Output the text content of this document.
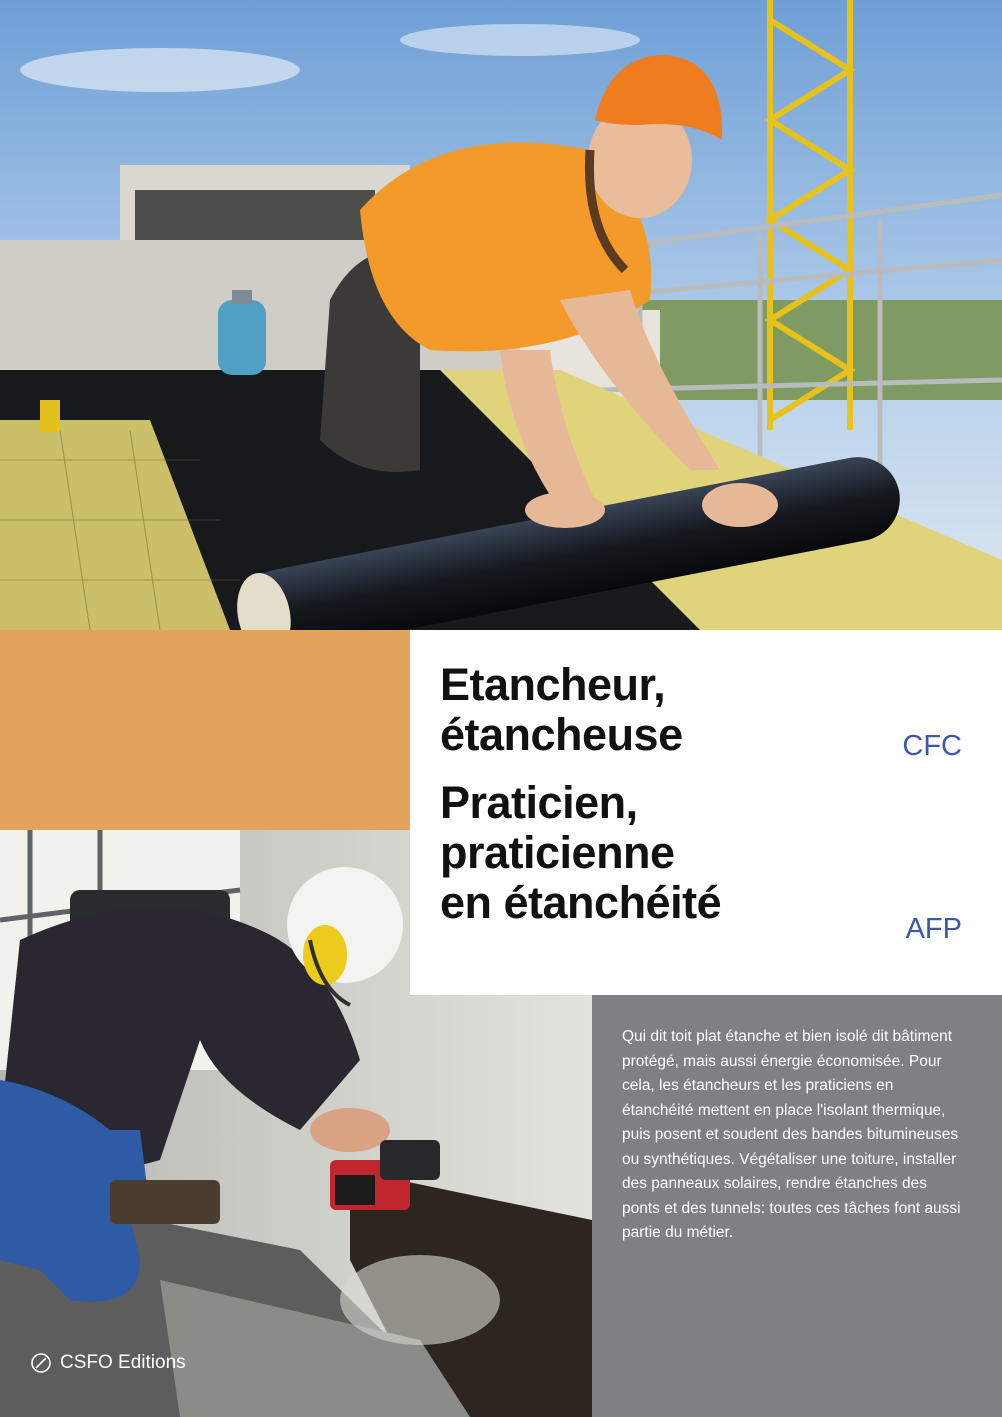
Etancheur,
étancheuse	CFC
Praticien,
praticienne
en étanchéité
AFP

Qui dit toit plat étanche et bien isolé dit bâtiment protégé, mais aussi énergie économisée. Pour cela, les étancheurs et les praticiens en étanchéité mettent en place l'isolant thermique, puis posent et soudent des bandes bitumineuses ou synthétiques. Végétaliser une toiture, installer des panneaux solaires, rendre étanches des ponts et des tunnels: toutes ces tâches font aussi partie du métier.

CSFO Editions
